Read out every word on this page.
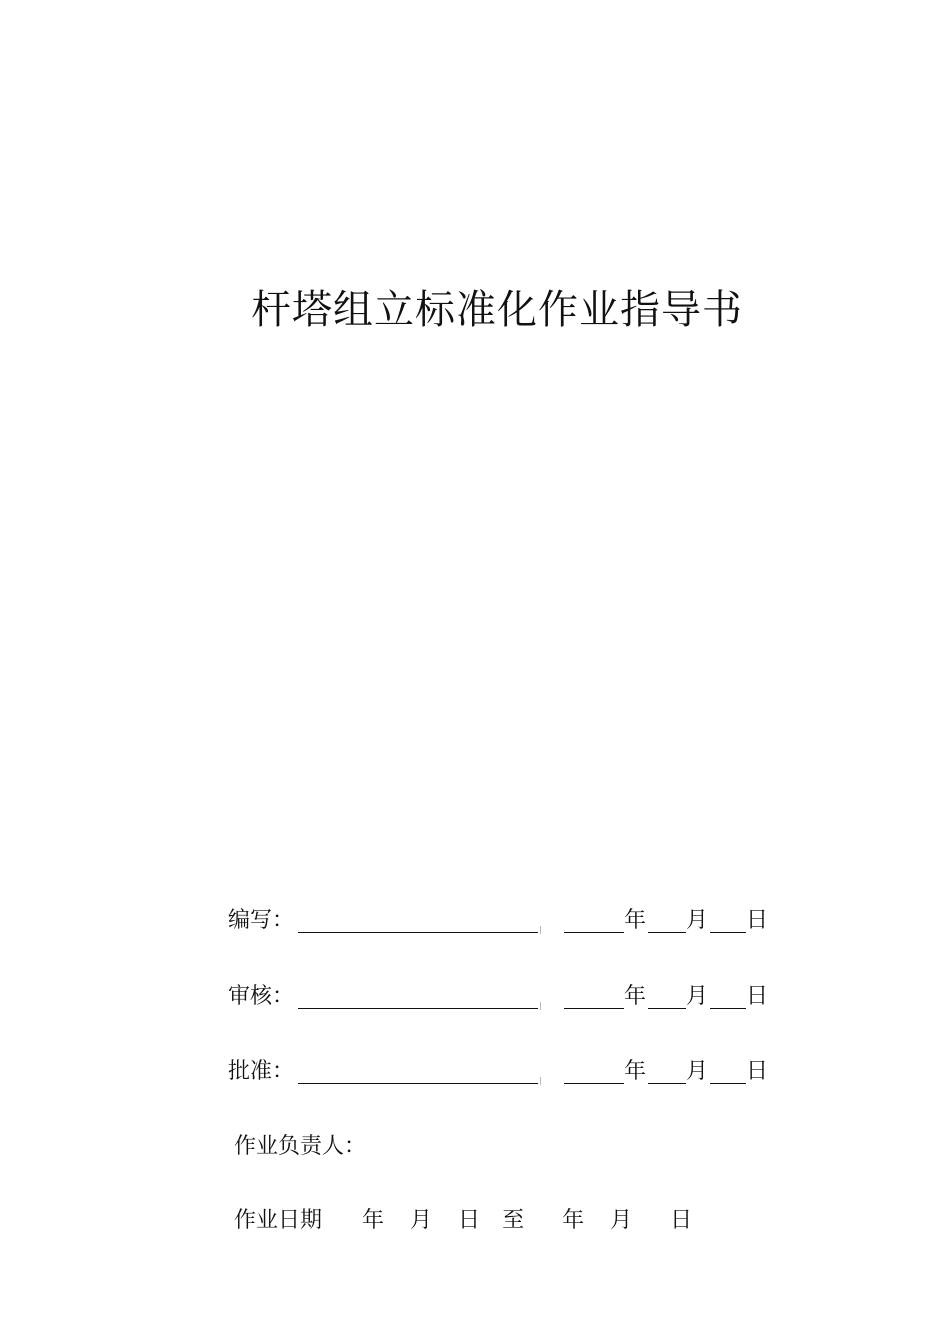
杆塔组立标准化作业指导书
编写：	年 月 日
审核：	年 月 日
批准：	年 月 日
作业负责人：
作业日期 年 月 日 至 年 月 日
